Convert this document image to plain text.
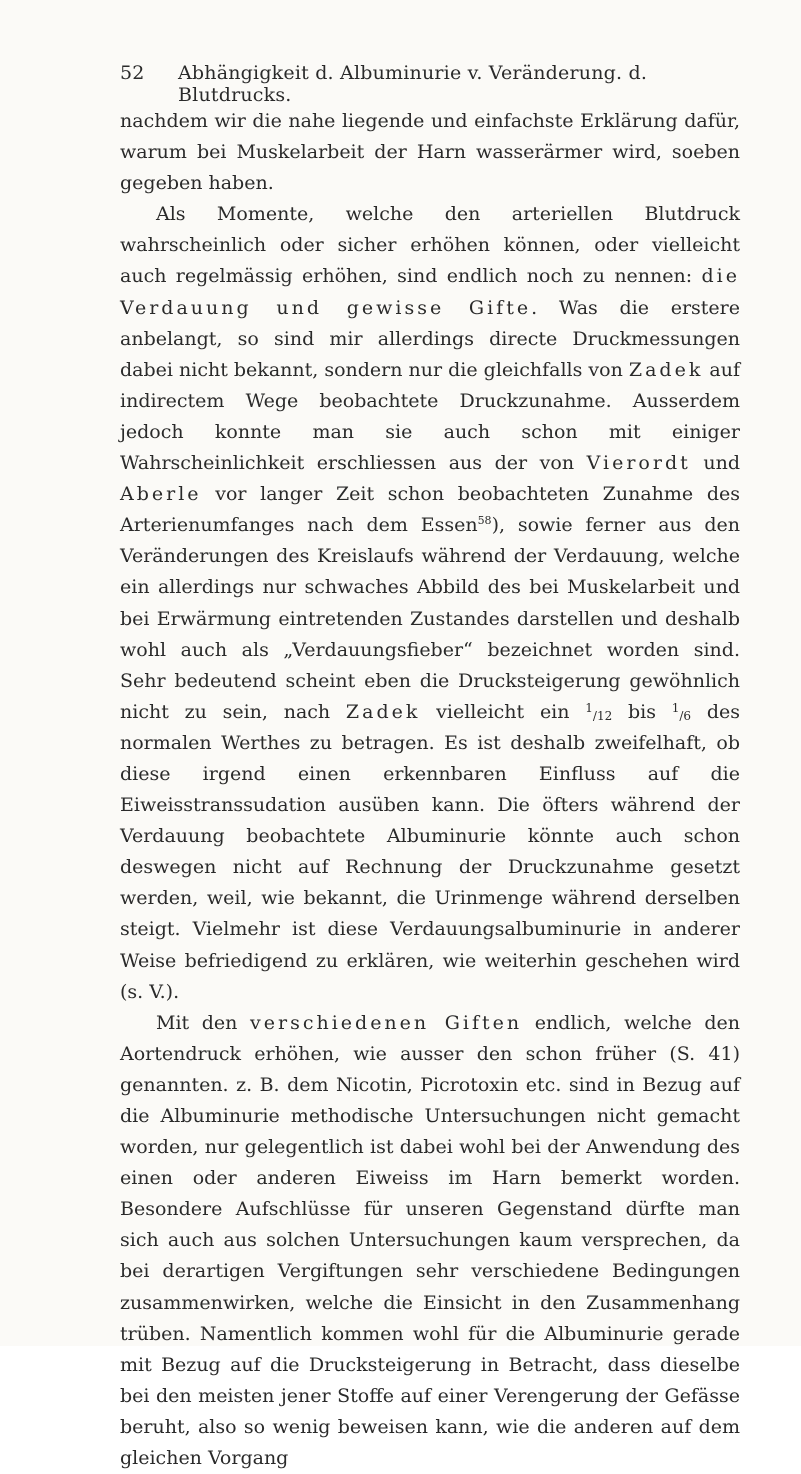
52	Abhängigkeit d. Albuminurie v. Veränderung. d. Blutdrucks.

nachdem wir die nahe liegende und einfachste Erklärung dafür, warum bei Muskelarbeit der Harn wasserärmer wird, soeben gegeben haben.

Als Momente, welche den arteriellen Blutdruck wahrscheinlich oder sicher erhöhen können, oder vielleicht auch regelmässig erhöhen, sind endlich noch zu nennen: die Verdauung und gewisse Gifte. Was die erstere anbelangt, so sind mir allerdings directe Druckmessungen dabei nicht bekannt, sondern nur die gleichfalls von Zadek auf indirectem Wege beobachtete Druckzunahme. Ausserdem jedoch konnte man sie auch schon mit einiger Wahrscheinlichkeit erschliessen aus der von Vierordt und Aberle vor langer Zeit schon beobachteten Zunahme des Arterienumfanges nach dem Essen$^{58}$), sowie ferner aus den Veränderungen des Kreislaufs während der Verdauung, welche ein allerdings nur schwaches Abbild des bei Muskelarbeit und bei Erwärmung eintretenden Zustandes darstellen und deshalb wohl auch als „Verdauungsfieber“ bezeichnet worden sind. Sehr bedeutend scheint eben die Drucksteigerung gewöhnlich nicht zu sein, nach Zadek vielleicht ein $^1_{/12}$ bis $^1_{/6}$ des normalen Werthes zu betragen. Es ist deshalb zweifelhaft, ob diese irgend einen erkennbaren Einfluss auf die Eiweisstranssudation ausüben kann. Die öfters während der Verdauung beobachtete Albuminurie könnte auch schon deswegen nicht auf Rechnung der Druckzunahme gesetzt werden, weil, wie bekannt, die Urinmenge während derselben steigt. Vielmehr ist diese Verdauungsalbuminurie in anderer Weise befriedigend zu erklären, wie weiterhin geschehen wird (s. V.).

Mit den verschiedenen Giften endlich, welche den Aortendruck erhöhen, wie ausser den schon früher (S. 41) genannten. z. B. dem Nicotin, Picrotoxin etc. sind in Bezug auf die Albuminurie methodische Untersuchungen nicht gemacht worden, nur gelegentlich ist dabei wohl bei der Anwendung des einen oder anderen Eiweiss im Harn bemerkt worden. Besondere Aufschlüsse für unseren Gegenstand dürfte man sich auch aus solchen Untersuchungen kaum versprechen, da bei derartigen Vergiftungen sehr verschiedene Bedingungen zusammenwirken, welche die Einsicht in den Zusammenhang trüben. Namentlich kommen wohl für die Albuminurie gerade mit Bezug auf die Drucksteigerung in Betracht, dass dieselbe bei den meisten jener Stoffe auf einer Verengerung der Gefässe beruht, also so wenig beweisen kann, wie die anderen auf dem gleichen Vorgang
